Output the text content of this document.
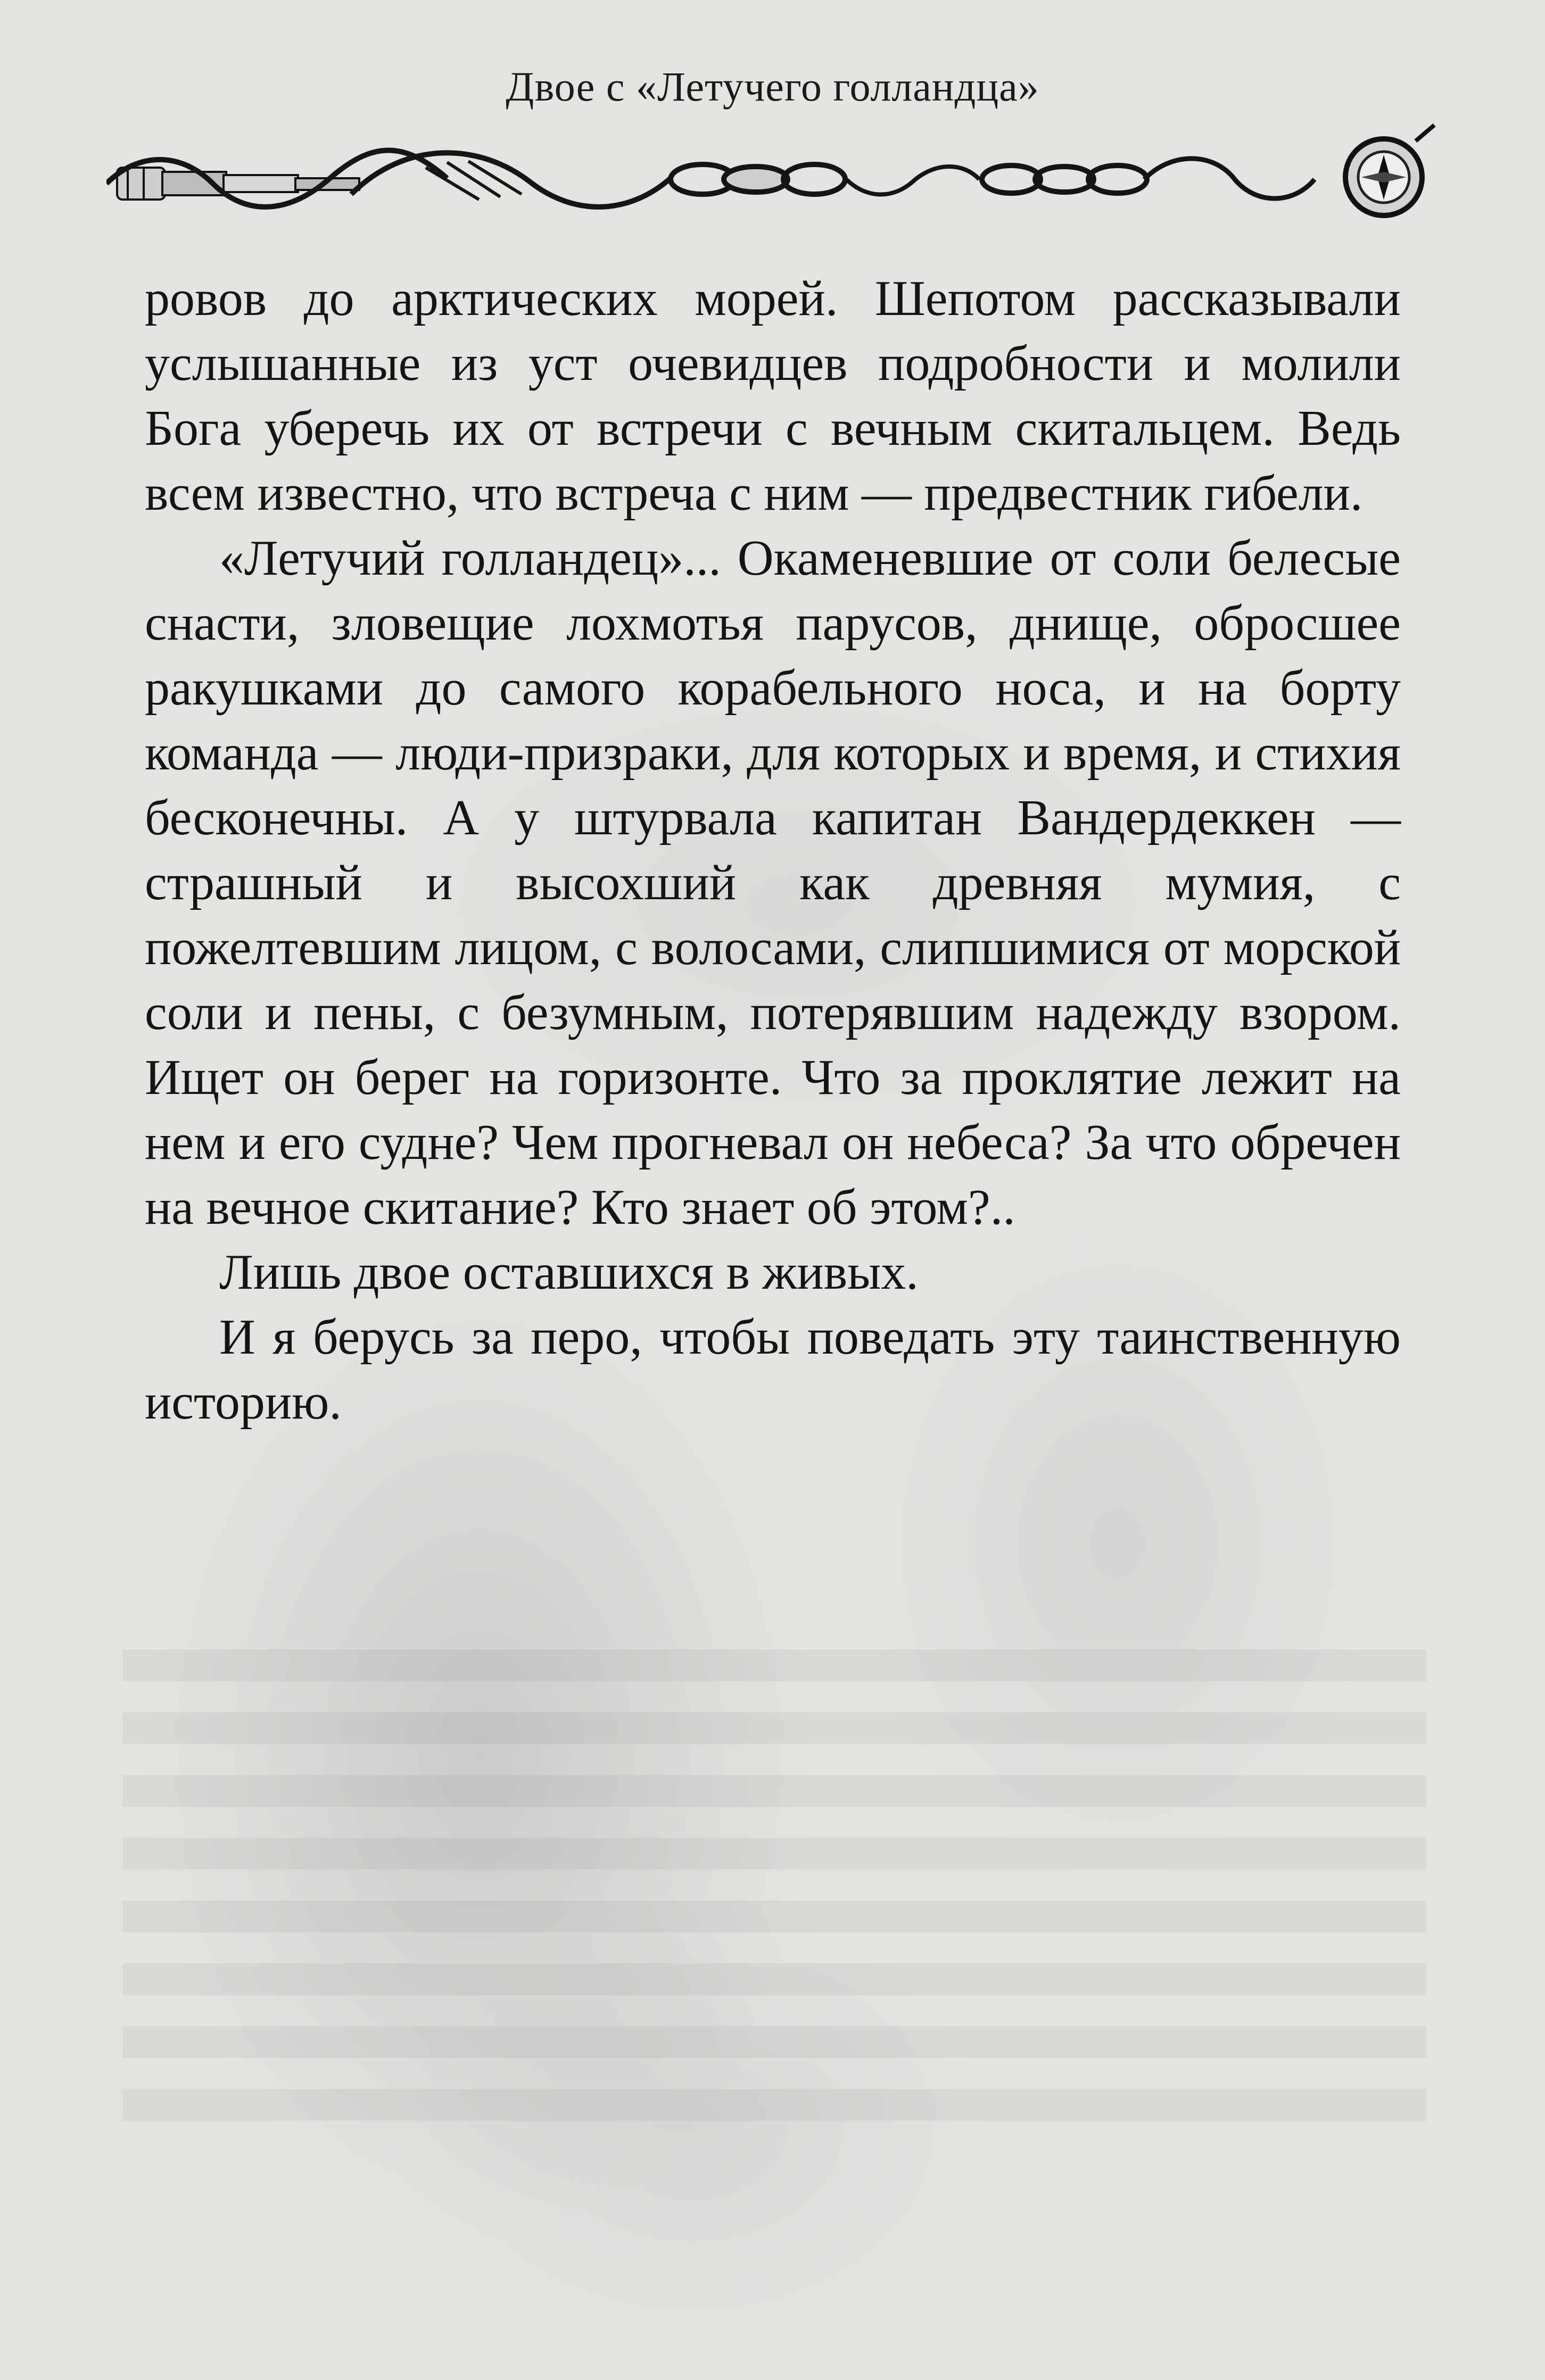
Двое с «Летучего голландца»

ровов до арктических морей. Шепотом рассказывали услышанные из уст очевидцев подробности и молили Бога уберечь их от встречи с вечным скитальцем. Ведь всем известно, что встреча с ним — предвестник гибели.

«Летучий голландец»... Окаменевшие от соли белесые снасти, зловещие лохмотья парусов, днище, обросшее ракушками до самого корабельного носа, и на борту команда — люди-призраки, для которых и время, и стихия бесконечны. А у штурвала капитан Вандердеккен — страшный и высохший как древняя мумия, с пожелтевшим лицом, с волосами, слипшимися от морской соли и пены, с безумным, потерявшим надежду взором. Ищет он берег на горизонте. Что за проклятие лежит на нем и его судне? Чем прогневал он небеса? За что обречен на вечное скитание? Кто знает об этом?..

Лишь двое оставшихся в живых.

И я берусь за перо, чтобы поведать эту таинственную историю.
